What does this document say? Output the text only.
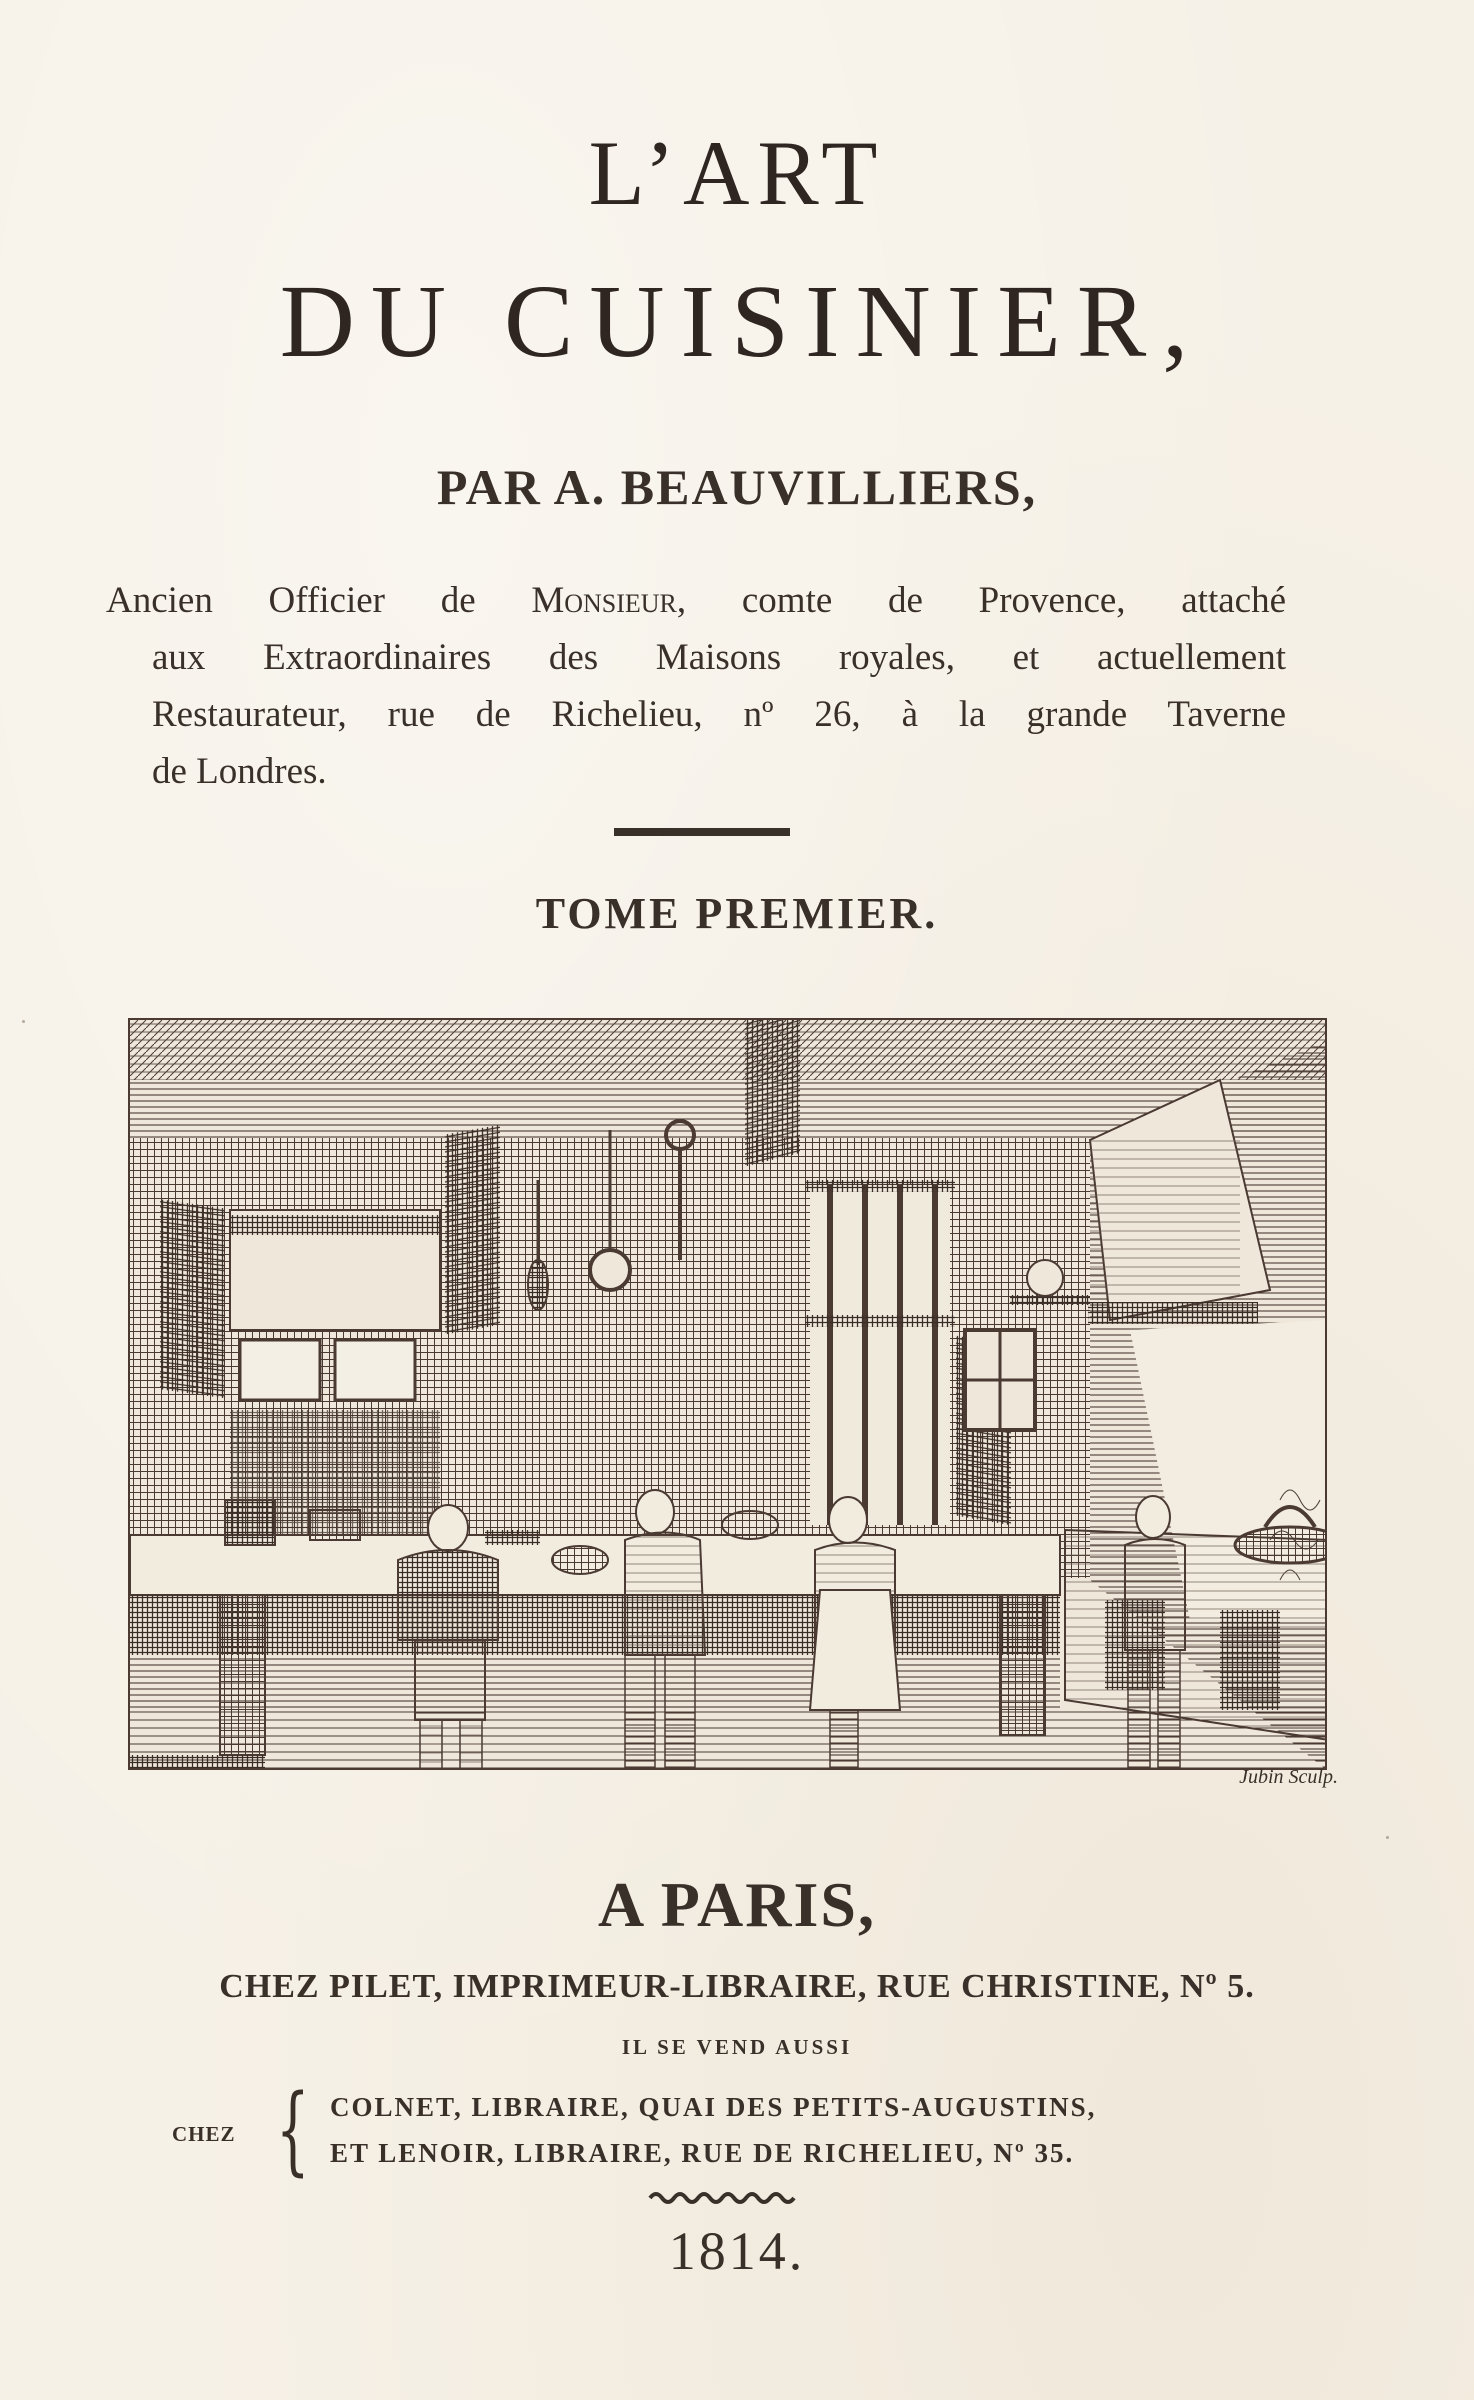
L’ART
DU CUISINIER,
PAR A. BEAUVILLIERS,
Ancien Officier de Monsieur, comte de Provence, attaché
aux Extraordinaires des Maisons royales, et actuellement
Restaurateur, rue de Richelieu, nº 26, à la grande Taverne
de Londres.
TOME PREMIER.
Jubin Sculp.
A PARIS,
CHEZ PILET, IMPRIMEUR-LIBRAIRE, RUE CHRISTINE, Nº 5.
IL SE VEND AUSSI
CHEZ { COLNET, LIBRAIRE, QUAI DES PETITS-AUGUSTINS,
ET LENOIR, LIBRAIRE, RUE DE RICHELIEU, Nº 35.
1814.
